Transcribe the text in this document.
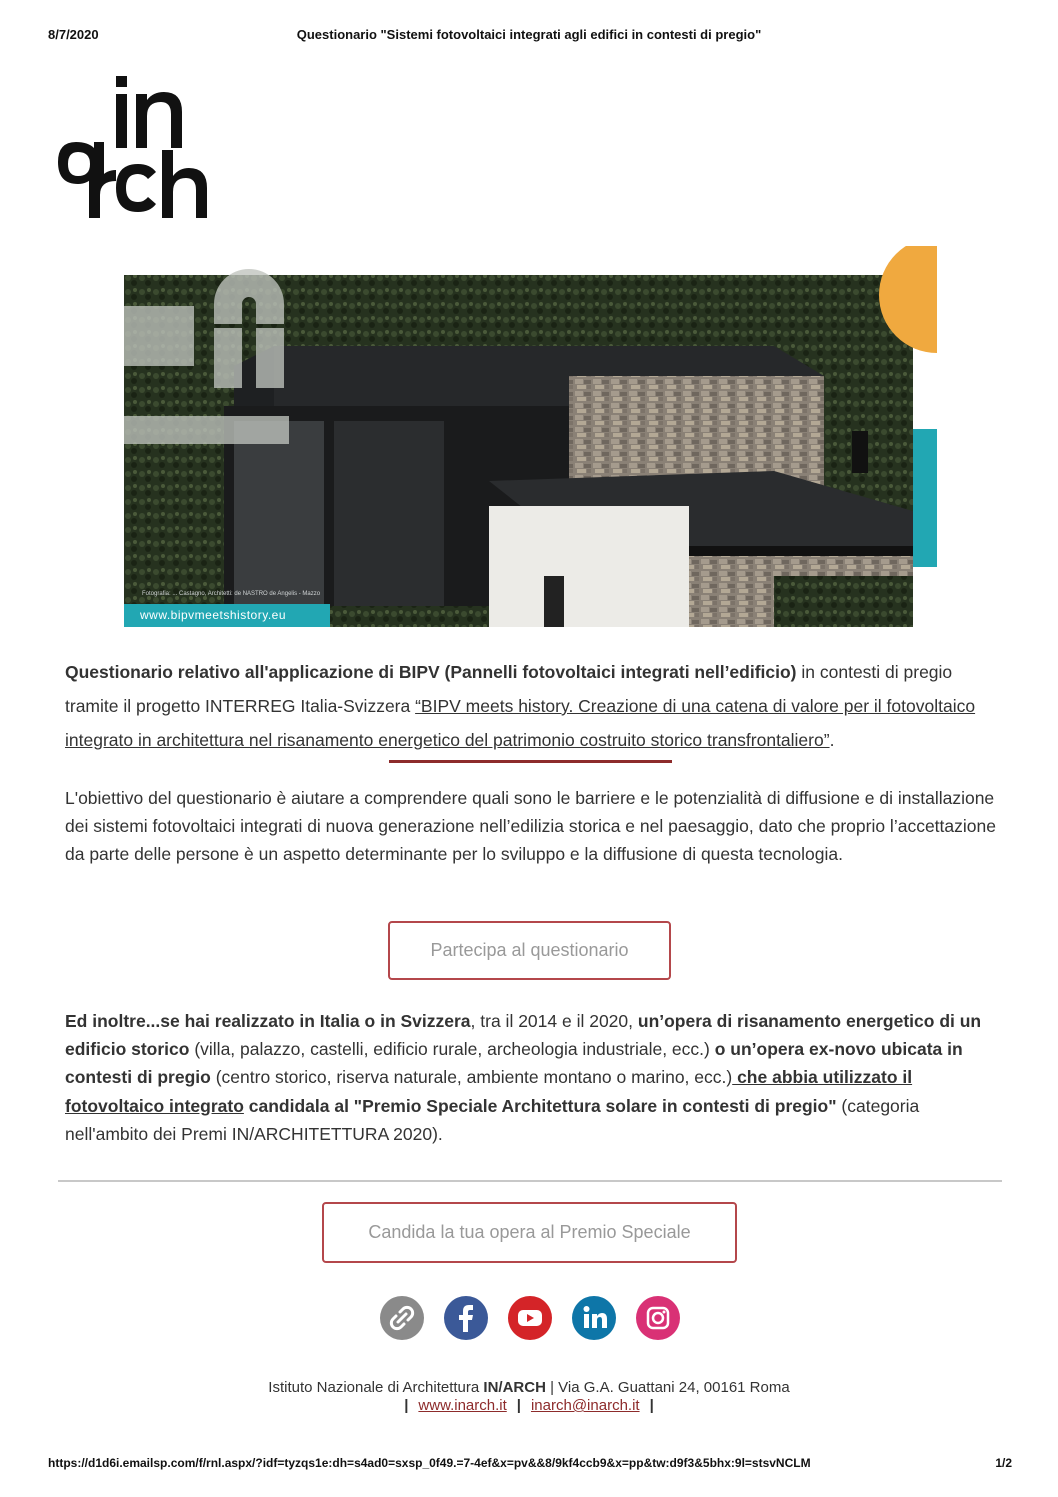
8/7/2020	Questionario "Sistemi fotovoltaici integrati agli edifici in contesti di pregio"
Fotografia: ... Castagno, Architetti: de NASTRO de Angelis - Mazzo
www.bipvmeetshistory.eu
Questionario relativo all'applicazione di BIPV (Pannelli fotovoltaici integrati nell’edificio) in contesti di pregio tramite il progetto INTERREG Italia-Svizzera “BIPV meets history. Creazione di una catena di valore per il fotovoltaico integrato in architettura nel risanamento energetico del patrimonio costruito storico transfrontaliero”.
L'obiettivo del questionario è aiutare a comprendere quali sono le barriere e le potenzialità di diffusione e di installazione dei sistemi fotovoltaici integrati di nuova generazione nell’edilizia storica e nel paesaggio, dato che proprio l’accettazione da parte delle persone è un aspetto determinante per lo sviluppo e la diffusione di questa tecnologia.
Partecipa al questionario
Ed inoltre...se hai realizzato in Italia o in Svizzera, tra il 2014 e il 2020, un’opera di risanamento energetico di un edificio storico (villa, palazzo, castelli, edificio rurale, archeologia industriale, ecc.) o un’opera ex-novo ubicata in contesti di pregio (centro storico, riserva naturale, ambiente montano o marino, ecc.) che abbia utilizzato il fotovoltaico integrato candidala al "Premio Speciale Architettura solare in contesti di pregio" (categoria nell'ambito dei Premi IN/ARCHITETTURA 2020).
Candida la tua opera al Premio Speciale
Istituto Nazionale di Architettura IN/ARCH | Via G.A. Guattani 24, 00161 Roma
| www.inarch.it | inarch@inarch.it |
https://d1d6i.emailsp.com/f/rnl.aspx/?idf=tyzqs1e:dh=s4ad0=sxsp_0f49.=7-4ef&x=pv&&8/9kf4ccb9&x=pp&tw:d9f3&5bhx:9l=stsvNCLM	1/2
